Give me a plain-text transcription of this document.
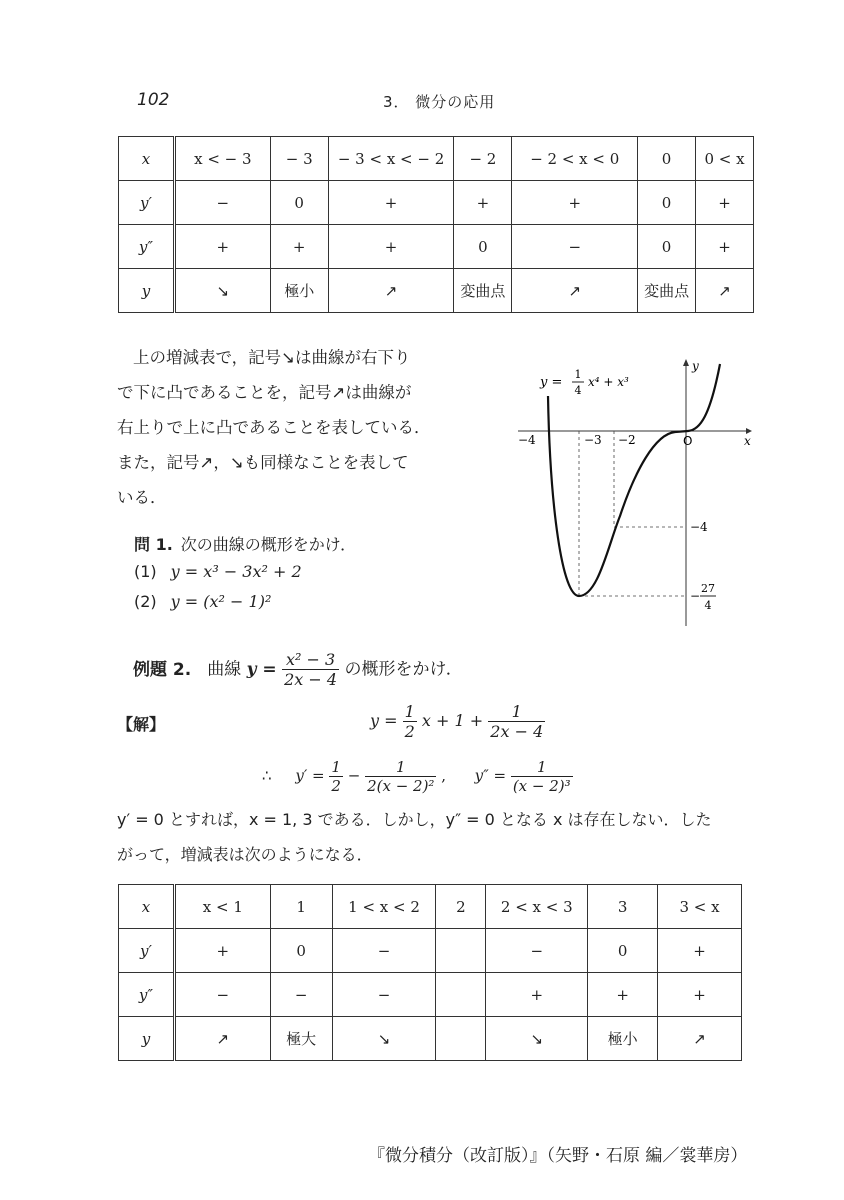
102	3． 微分の応用
x	x < − 3	− 3	− 3 < x < − 2	− 2	− 2 < x < 0	0	0 < x
y′	−	0	+	+	+	0	+
y″	+	+	+	0	−	0	+
y	↘	極小	↗	変曲点	↗	変曲点	↗

上の増減表で，記号↘は曲線が右下り

で下に凸であることを，記号↗は曲線が

右上りで上に凸であることを表している．

また，記号↗，↘も同様なことを表して

いる．

y =
1
4
x⁴ + x³
x
y
O
−4	−3 −2
−4
−
27
4
問 1. 次の曲線の概形をかけ．
(1) y = x³ − 3x² + 2
(2) y = (x² − 1)²
例題 2. 曲線 $y = \frac{\text{x² − 3}}{2x - 4}$ の概形をかけ．
【解】	$y = \frac{1}{2}$ $x + 1 + \frac{1}{2x - 4}$
∴ $y' = \frac{1}{2} - \frac{1}{\text{2(x − 2)²}}$ , $y'' = \frac{1}{\text{(x − 2)³}}$
y′ = 0 とすれば，x = 1, 3 である．しかし，y″ = 0 となる x は存在しない．した
がって，増減表は次のようになる．
x	x < 1	1	1 < x < 2	2	2 < x < 3	3	3 < x
y′	+	0	−		−	0	+
y″	−	−	−		+	+	+
y	↗	極大	↘		↘	極小	↗
『微分積分（改訂版）』（矢野・石原 編／裳華房）
